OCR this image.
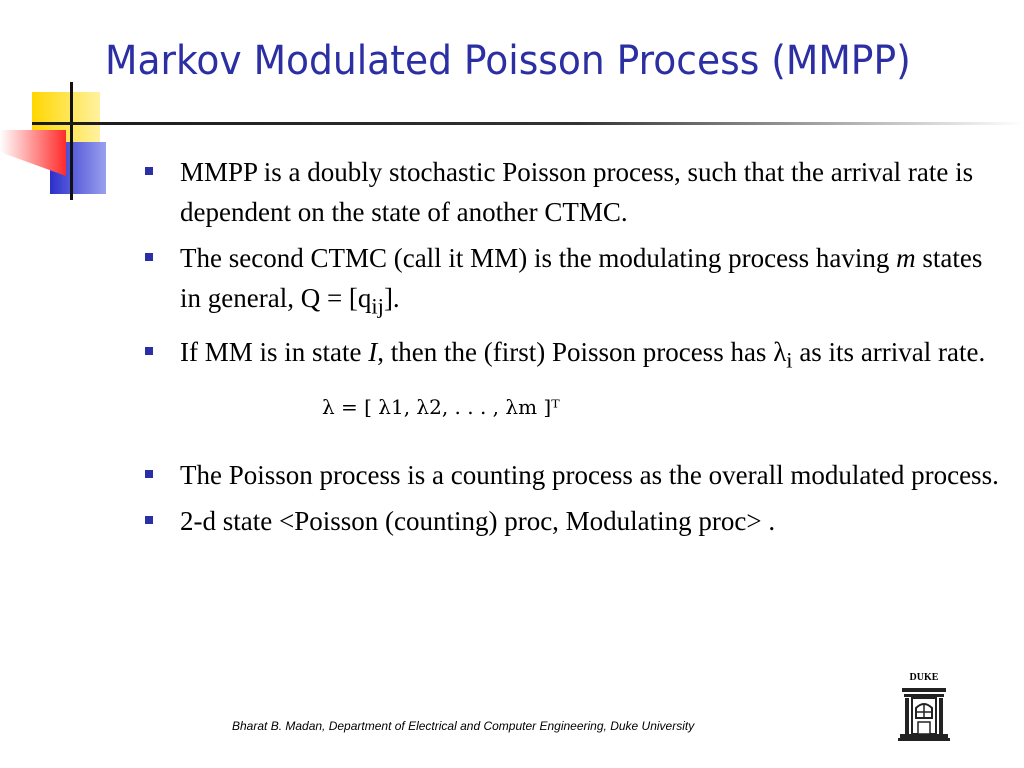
Markov Modulated Poisson Process (MMPP)
MMPP is a doubly stochastic Poisson process, such that the arrival rate is dependent on the state of another CTMC.
The second CTMC (call it MM) is the modulating process having m states in general, $Q = [q_{ij}]$.
If MM is in state I, then the (first) Poisson process has $\lambda_i$ as its arrival rate.
λ = [ λ1, λ2, . . . , λm ]ᵀ
The Poisson process is a counting process as the overall modulated process.
2-d state <Poisson (counting) proc, Modulating proc> .
Bharat B. Madan, Department of Electrical and Computer Engineering, Duke University
DUKE
